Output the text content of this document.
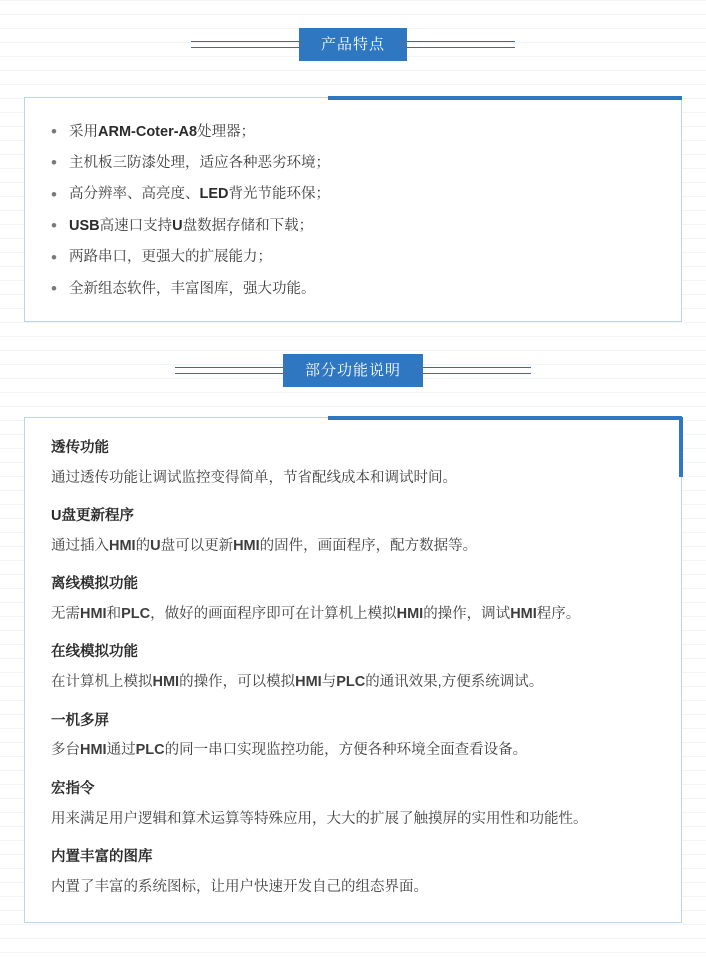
产品特点
• 采用ARM-Coter-A8处理器；
• 主机板三防漆处理，适应各种恶劣环境；
• 高分辨率、高亮度、LED背光节能环保；
• USB高速口支持U盘数据存储和下载；
• 两路串口，更强大的扩展能力；
• 全新组态软件，丰富图库，强大功能。
部分功能说明
透传功能
通过透传功能让调试监控变得简单，节省配线成本和调试时间。
U盘更新程序
通过插入HMI的U盘可以更新HMI的固件，画面程序，配方数据等。
离线模拟功能
无需HMI和PLC，做好的画面程序即可在计算机上模拟HMI的操作，调试HMI程序。
在线模拟功能
在计算机上模拟HMI的操作，可以模拟HMI与PLC的通讯效果,方便系统调试。
一机多屏
多台HMI通过PLC的同一串口实现监控功能，方便各种环境全面查看设备。
宏指令
用来满足用户逻辑和算术运算等特殊应用，大大的扩展了触摸屏的实用性和功能性。
内置丰富的图库
内置了丰富的系统图标，让用户快速开发自己的组态界面。
